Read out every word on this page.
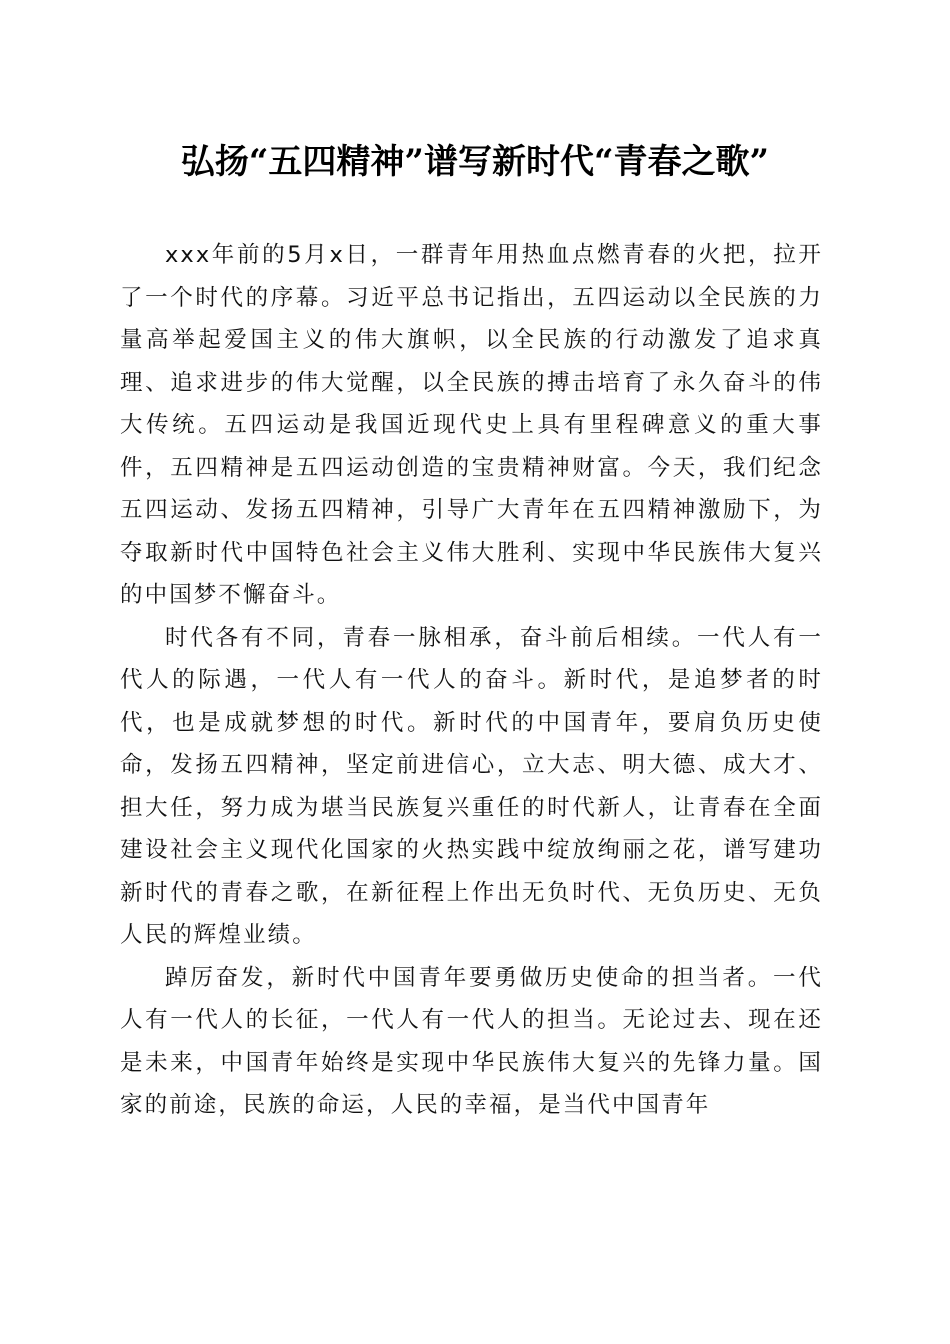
弘扬“五四精神”谱写新时代“青春之歌”

xxx年前的5月x日，一群青年用热血点燃青春的火把，拉开了一个时代的序幕。习近平总书记指出，五四运动以全民族的力量高举起爱国主义的伟大旗帜，以全民族的行动激发了追求真理、追求进步的伟大觉醒，以全民族的搏击培育了永久奋斗的伟大传统。五四运动是我国近现代史上具有里程碑意义的重大事件，五四精神是五四运动创造的宝贵精神财富。今天，我们纪念五四运动、发扬五四精神，引导广大青年在五四精神激励下，为夺取新时代中国特色社会主义伟大胜利、实现中华民族伟大复兴的中国梦不懈奋斗。

时代各有不同，青春一脉相承，奋斗前后相续。一代人有一代人的际遇，一代人有一代人的奋斗。新时代，是追梦者的时代，也是成就梦想的时代。新时代的中国青年，要肩负历史使命，发扬五四精神，坚定前进信心，立大志、明大德、成大才、担大任，努力成为堪当民族复兴重任的时代新人，让青春在全面建设社会主义现代化国家的火热实践中绽放绚丽之花，谱写建功新时代的青春之歌，在新征程上作出无负时代、无负历史、无负人民的辉煌业绩。

踔厉奋发，新时代中国青年要勇做历史使命的担当者。一代人有一代人的长征，一代人有一代人的担当。无论过去、现在还是未来，中国青年始终是实现中华民族伟大复兴的先锋力量。国家的前途，民族的命运，人民的幸福，是当代中国青年
